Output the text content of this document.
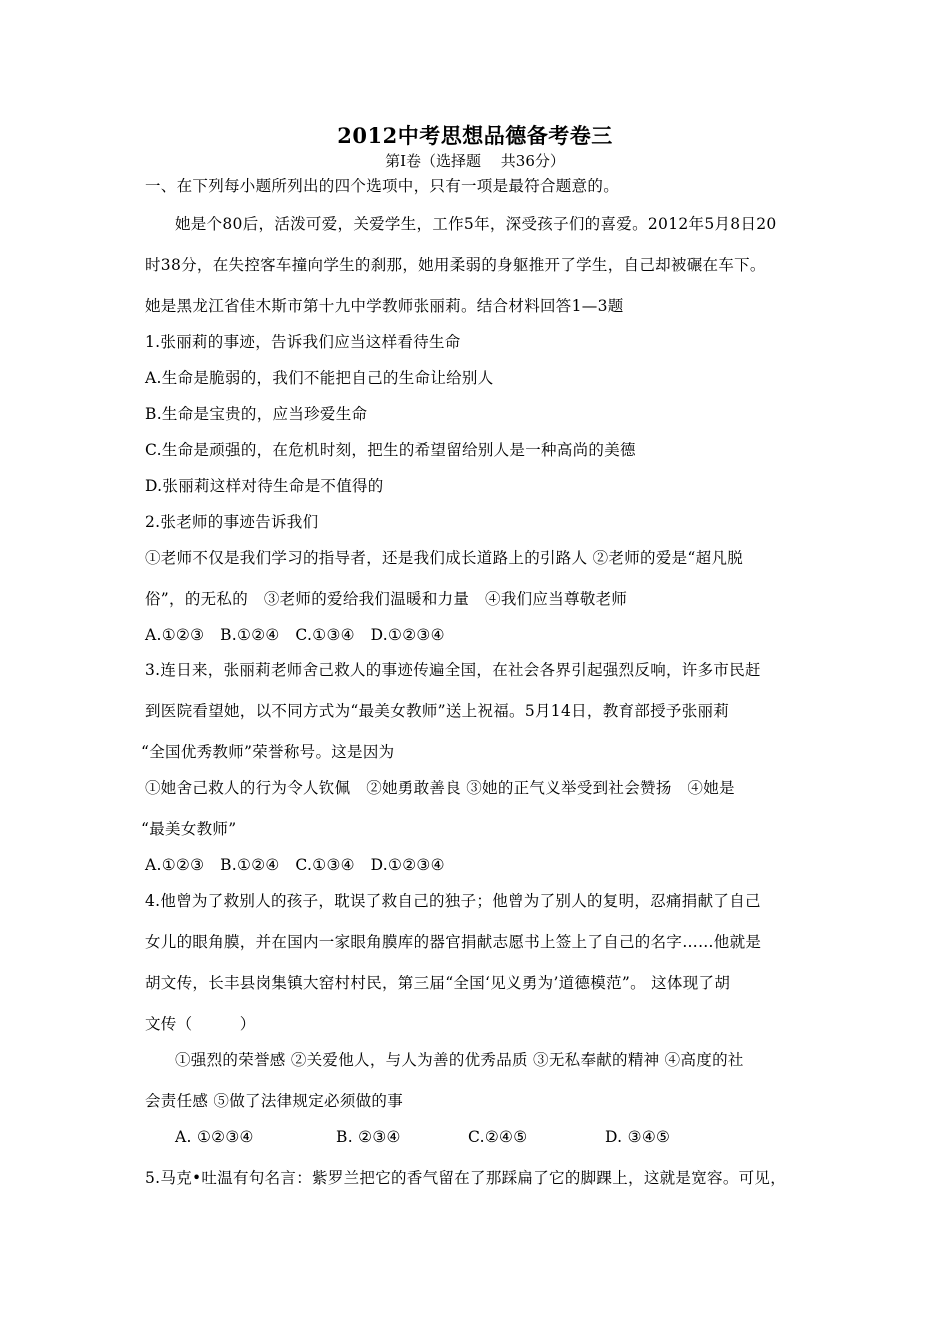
2012中考思想品德备考卷三
第Ⅰ卷（选择题　 共36分）
一、在下列每小题所列出的四个选项中，只有一项是最符合题意的。
她是个80后，活泼可爱，关爱学生，工作5年，深受孩子们的喜爱。2012年5月8日20
时38分，在失控客车撞向学生的刹那，她用柔弱的身躯推开了学生，自己却被碾在车下。
她是黑龙江省佳木斯市第十九中学教师张丽莉。结合材料回答1—3题
1.张丽莉的事迹，告诉我们应当这样看待生命
A.生命是脆弱的，我们不能把自己的生命让给别人
B.生命是宝贵的，应当珍爱生命
C.生命是顽强的，在危机时刻，把生的希望留给别人是一种高尚的美德
D.张丽莉这样对待生命是不值得的
2.张老师的事迹告诉我们
①老师不仅是我们学习的指导者，还是我们成长道路上的引路人 ②老师的爱是“超凡脱
俗”，的无私的　③老师的爱给我们温暖和力量　④我们应当尊敬老师
A.①②③　B.①②④　C.①③④　D.①②③④
3.连日来，张丽莉老师舍己救人的事迹传遍全国，在社会各界引起强烈反响，许多市民赶
到医院看望她，以不同方式为“最美女教师”送上祝福。5月14日，教育部授予张丽莉
“全国优秀教师”荣誉称号。这是因为
①她舍己救人的行为令人钦佩　②她勇敢善良 ③她的正气义举受到社会赞扬　④她是
“最美女教师”
A.①②③　B.①②④　C.①③④　D.①②③④
4.他曾为了救别人的孩子，耽误了救自己的独子；他曾为了别人的复明，忍痛捐献了自己
女儿的眼角膜，并在国内一家眼角膜库的器官捐献志愿书上签上了自己的名字……他就是
胡文传，长丰县岗集镇大窑村村民，第三届“全国‘见义勇为’道德模范”。 这体现了胡
文传（　　　）
①强烈的荣誉感 ②关爱他人，与人为善的优秀品质 ③无私奉献的精神 ④高度的社
会责任感 ⑤做了法律规定必须做的事
A. ①②③④	B. ②③④	C.②④⑤	D. ③④⑤
5.马克•吐温有句名言：紫罗兰把它的香气留在了那踩扁了它的脚踝上，这就是宽容。可见，
